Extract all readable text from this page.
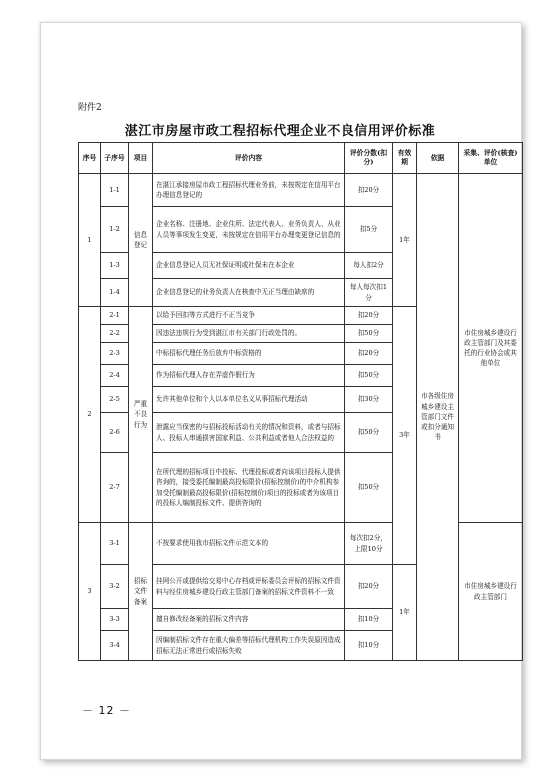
附件2
湛江市房屋市政工程招标代理企业不良信用评价标准
序号	子序号	项目	评价内容	评价分数(扣分)	有效期	依据	采集、评价(核查)单位
1	1-1	信息登记	在湛江承接房屋市政工程招标代理业务前，未按规定在信用平台办理信息登记的	扣20分	1年	市各级住房城乡建设主管部门文件或扣分通知书	市住房城乡建设行政主管部门及其委托的行业协会或其他单位
	1-2		企业名称、注册地、企业住所、法定代表人、业务负责人、从业人员等事项发生变更，未按规定在信用平台办理变更登记信息的	扣5分			
	1-3		企业信息登记人员无社保证明或社保未在本企业	每人扣2分			
	1-4		企业信息登记的业务负责人在核查中无正当理由缺席的	每人每次扣1分			
2	2-1	严重不良行为	以给予回扣等方式进行不正当竞争	扣20分	3年		
	2-2		因违法违规行为受到湛江市有关部门行政处罚的。	扣50分			
	2-3		中标招标代理任务后放弃中标资格的	扣20分			
	2-4		作为招标代理人存在弄虚作假行为	扣50分			
	2-5		允许其他单位和个人以本单位名义从事招标代理活动	扣30分			
	2-6		泄露应当保密的与招标投标活动有关的情况和资料，或者与招标人、投标人串通损害国家利益、公共利益或者他人合法权益的	扣50分			
	2-7		在所代理的招标项目中投标、代理投标或者向该项目投标人提供咨询的，接受委托编制最高投标限价(招标控制价)的中介机构参加受托编制最高投标限价(招标控制价)项目的投标或者为该项目的投标人编制投标文件、提供咨询的	扣50分			
3	3-1	招标文件备案	不按要求使用我市招标文件示范文本的	每次扣2分，上限10分			市住房城乡建设行政主管部门
	3-2		挂网公开或提供给交易中心存档或评标委员会评标的招标文件资料与经住房城乡建设行政主管部门备案的招标文件资料不一致	扣20分	1年		
	3-3		擅自修改经备案的招标文件内容	扣10分			
	3-4		因编制招标文件存在重大偏差等招标代理机构工作失误原因造成招标无法正常进行或招标失败	扣10分			
－ 12 －
